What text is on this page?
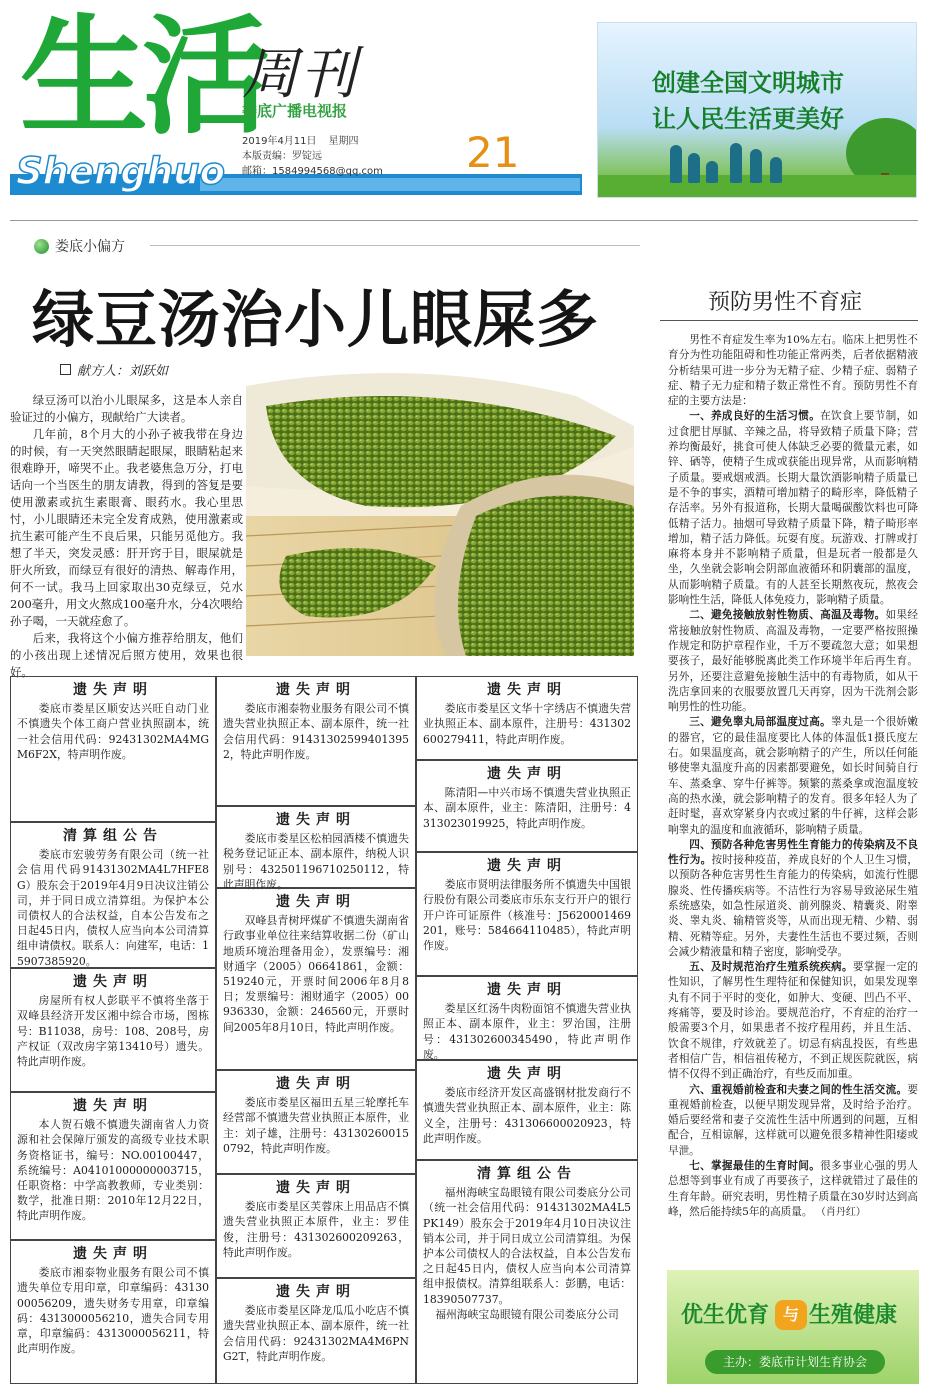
生活
Shenghuo
周刊
娄底广播电视报
2019年4月11日 星期四
本版责编：罗锭远
邮箱：1584994568@qq.com 21
创建全国文明城市
让人民生活更美好
娄底小偏方
绿豆汤治小儿眼屎多
献方人：刘跃如

绿豆汤可以治小儿眼屎多，这是本人亲自验证过的小偏方，现献给广大读者。

几年前，8个月大的小孙子被我带在身边的时候，有一天突然眼睛起眼屎，眼睛粘起来很难睁开，啼哭不止。我老婆焦急万分，打电话向一个当医生的朋友请教，得到的答复是要使用激素或抗生素眼膏、眼药水。我心里思忖，小儿眼睛还未完全发育成熟，使用激素或抗生素可能产生不良后果，只能另觅他方。我想了半天，突发灵感：肝开窍于目，眼屎就是肝火所致，而绿豆有很好的清热、解毒作用，何不一试。我马上回家取出30克绿豆，兑水200毫升，用文火熬成100毫升水，分4次喂给孙子喝，一天就痊愈了。

后来，我将这个小偏方推荐给朋友，他们的小孩出现上述情况后照方使用，效果也很好。

预防男性不育症

男性不育症发生率为10%左右。临床上把男性不育分为性功能阻碍和性功能正常两类，后者依据精液分析结果可进一步分为无精子症、少精子症、弱精子症、精子无力症和精子数正常性不育。预防男性不育症的主要方法是：

一、养成良好的生活习惯。在饮食上要节制，如过食肥甘厚腻、辛辣之品，将导致精子质量下降；营养均衡最好，挑食可使人体缺乏必要的微量元素，如锌、硒等，使精子生成或获能出现异常，从而影响精子质量。要戒烟戒酒。长期大量饮酒影响精子质量已是不争的事实，酒精可增加精子的畸形率，降低精子存活率。另外有报道称，长期大量喝碳酸饮料也可降低精子活力。抽烟可导致精子质量下降，精子畸形率增加，精子活力降低。玩耍有度。玩游戏、打牌或打麻将本身并不影响精子质量，但是玩者一般都是久坐，久坐就会影响会阴部血液循环和阴囊部的温度，从而影响精子质量。有的人甚至长期熬夜玩，熬夜会影响性生活，降低人体免疫力，影响精子质量。

二、避免接触放射性物质、高温及毒物。如果经常接触放射性物质、高温及毒物，一定要严格按照操作规定和防护章程作业，千万不要疏忽大意；如果想要孩子，最好能够脱离此类工作环境半年后再生育。另外，还要注意避免接触生活中的有毒物质，如从干洗店拿回来的衣服要放置几天再穿，因为干洗剂会影响男性的性功能。

三、避免睾丸局部温度过高。睾丸是一个很娇嫩的器官，它的最佳温度要比人体的体温低1摄氏度左右。如果温度高，就会影响精子的产生，所以任何能够使睾丸温度升高的因素都要避免，如长时间骑自行车、蒸桑拿、穿牛仔裤等。频繁的蒸桑拿或泡温度较高的热水澡，就会影响精子的发育。很多年轻人为了赶时髦，喜欢穿紧身内衣或过紧的牛仔裤，这样会影响睾丸的温度和血液循环，影响精子质量。

四、预防各种危害男性生育能力的传染病及不良性行为。按时接种疫苗，养成良好的个人卫生习惯，以预防各种危害男性生育能力的传染病，如流行性腮腺炎、性传播疾病等。不洁性行为容易导致泌尿生殖系统感染，如急性尿道炎、前列腺炎、精囊炎、附睾炎、睾丸炎、输精管炎等，从而出现无精、少精、弱精、死精等症。另外，夫妻性生活也不要过频，否则会减少精液量和精子密度，影响受孕。

五、及时规范治疗生殖系统疾病。要掌握一定的性知识，了解男性生理特征和保健知识，如果发现睾丸有不同于平时的变化，如肿大、变硬、凹凸不平、疼痛等，要及时诊治。要规范治疗，不育症的治疗一般需要3个月，如果患者不按疗程用药，并且生活、饮食不规律，疗效就差了。切忌有病乱投医，有些患者相信广告，相信祖传秘方，不到正规医院就医，病情不仅得不到正确治疗，有些反而加重。

六、重视婚前检查和夫妻之间的性生活交流。要重视婚前检查，以便早期发现异常，及时给予治疗。婚后要经常和妻子交流性生活中所遇到的问题，互相配合，互相谅解，这样就可以避免很多精神性阳痿或早泄。

七、掌握最佳的生育时间。很多事业心强的男人总想等到事业有成了再要孩子，这样就错过了最佳的生育年龄。研究表明，男性精子质量在30岁时达到高峰，然后能持续5年的高质量。 （肖丹红）

优生优育 与 生殖健康
主办：娄底市计划生育协会
遗失声明

娄底市娄星区顺安达兴旺自动门业不慎遗失个体工商户营业执照副本，统一社会信用代码：92431302MA4MGM6F2X，特声明作废。

清算组公告

娄底市宏骏劳务有限公司（统一社会信用代码91431302MA4L7HFE8G）股东会于2019年4月9日决议注销公司，并于同日成立清算组。为保护本公司债权人的合法权益，自本公告发布之日起45日内，债权人应当向本公司清算组申请债权。联系人：向建军，电话：15907385920。

遗失声明

房屋所有权人彭联平不慎将坐落于双峰县经济开发区湘中综合市场，图栋号：B11038，房号：108、208号，房产权证（双改房字第13410号）遗失。特此声明作废。

遗失声明

本人贺石娥不慎遗失湖南省人力资源和社会保障厅颁发的高级专业技术职务资格证书，编号：NO.00100447，系统编号：A04101000000003715，任职资格：中学高教教师，专业类别：数学，批准日期：2010年12月22日，特此声明作废。

遗失声明

娄底市湘泰物业服务有限公司不慎遗失单位专用印章，印章编码：4313000056209，遗失财务专用章，印章编码：4313000056210，遗失合同专用章，印章编码：4313000056211，特此声明作废。

遗失声明

娄底市湘泰物业服务有限公司不慎遗失营业执照正本、副本原件，统一社会信用代码：91431302599401395 2，特此声明作废。

遗失声明

娄底市娄星区松柏园酒楼不慎遗失税务登记证正本、副本原件，纳税人识别号：432501196710250112，特此声明作废。

遗失声明

双峰县青树坪煤矿不慎遗失湖南省行政事业单位往来结算收据二份（矿山地质环境治理备用金），发票编号：湘财通字（2005）06641861，金额：519240元，开票时间2006年8月8日；发票编号：湘财通字（2005）00936330，金额：246560元，开票时间2005年8月10日，特此声明作废。

遗失声明

娄底市娄星区福田五星三轮摩托车经营部不慎遗失营业执照正本原件，业主：刘子雄，注册号：431302600150792，特此声明作废。

遗失声明

娄底市娄星区芙蓉床上用品店不慎遗失营业执照正本原件，业主：罗佳俊，注册号：431302600209263，特此声明作废。

遗失声明

娄底市娄星区降龙瓜瓜小吃店不慎遗失营业执照正本、副本原件，统一社会信用代码：92431302MA4M6PNG2T，特此声明作废。

遗失声明

娄底市娄星区文华十字绣店不慎遗失营业执照正本、副本原件，注册号：431302600279411，特此声明作废。

遗失声明

陈清阳—中兴市场不慎遗失营业执照正本、副本原件，业主：陈清阳，注册号：4313023019925，特此声明作废。

遗失声明

娄底市贤明法律服务所不慎遗失中国银行股份有限公司娄底市乐东支行开户的银行开户许可证原件（核准号：J5620001469201，账号：584664110485），特此声明作废。

遗失声明

娄星区红汤牛肉粉面馆不慎遗失营业执照正本、副本原件，业主：罗治国，注册号：431302600345490，特此声明作废。

遗失声明

娄底市经济开发区高盛钢材批发商行不慎遗失营业执照正本、副本原件，业主：陈义全，注册号：431306600020923，特此声明作废。

清算组公告

福州海峡宝岛眼镜有限公司娄底分公司（统一社会信用代码：91431302MA4L5PK149）股东会于2019年4月10日决议注销本公司，并于同日成立公司清算组。为保护本公司债权人的合法权益，自本公告发布之日起45日内，债权人应当向本公司清算组申报债权。清算组联系人：彭鹏，电话：18390507737。

福州海峡宝岛眼镜有限公司娄底分公司
